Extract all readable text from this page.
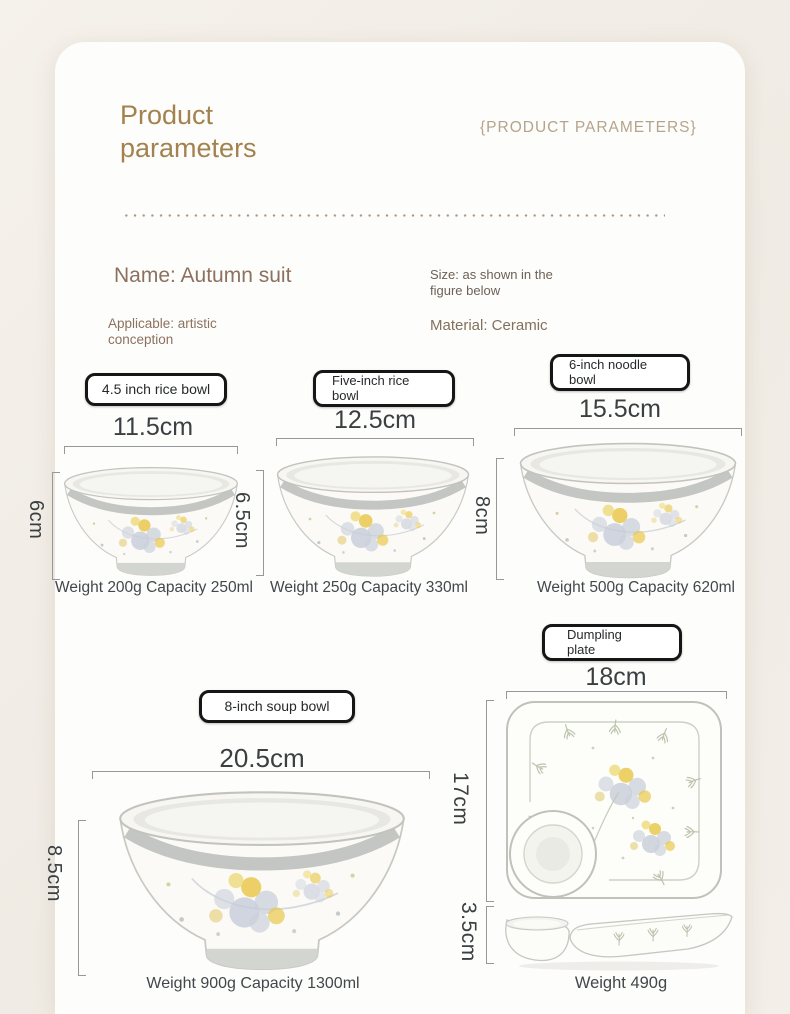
Product
parameters
{PRODUCT PARAMETERS}
Name: Autumn suit	Size: as shown in the figure below
Applicable: artistic conception
Material: Ceramic
4.5 inch rice bowl
11.5cm
6cm
Weight 200g Capacity 250ml
Five-inch rice bowl
12.5cm
6.5cm
Weight 250g Capacity 330ml
6-inch noodle bowl
15.5cm
8cm
Weight 500g Capacity 620ml
8-inch soup bowl
20.5cm
8.5cm
Weight 900g Capacity 1300ml
Dumpling plate
18cm
17cm
3.5cm
Weight 490g
